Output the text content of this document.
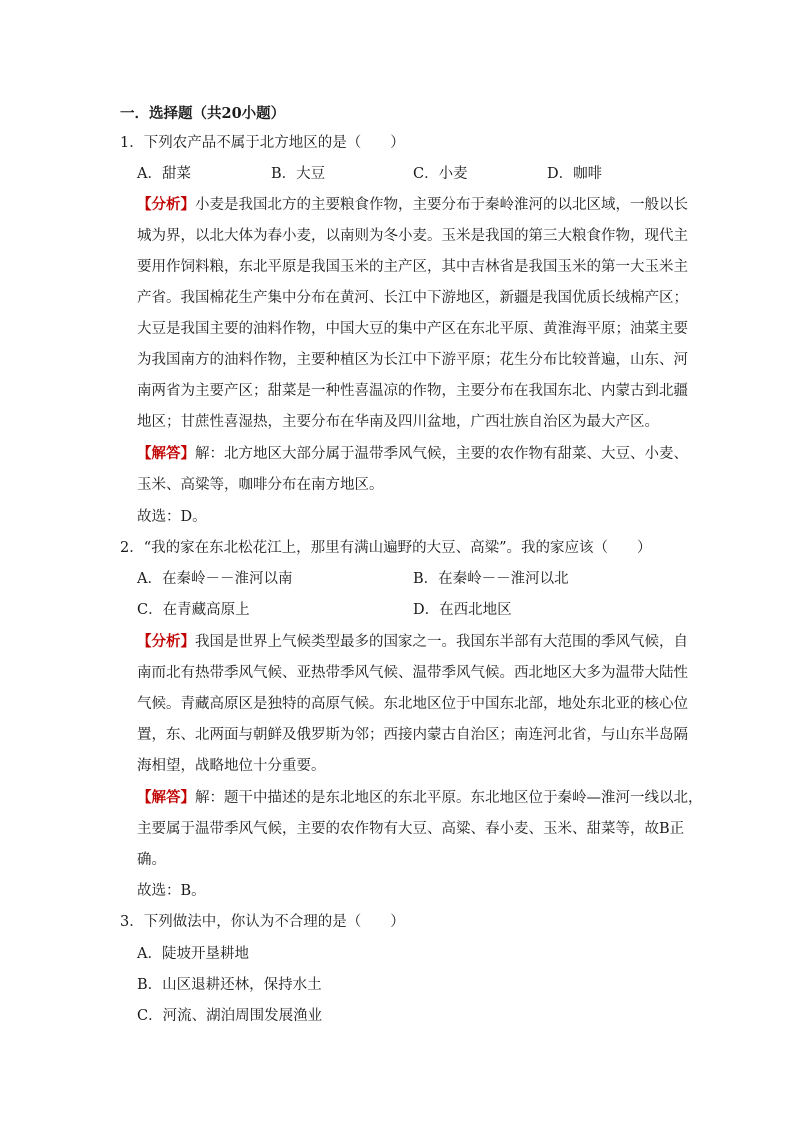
一．选择题（共20小题）
1．下列农产品不属于北方地区的是（　　）
A．甜菜	B．大豆	C．小麦	D．咖啡
【分析】小麦是我国北方的主要粮食作物，主要分布于秦岭淮河的以北区域，一般以长
城为界，以北大体为春小麦，以南则为冬小麦。玉米是我国的第三大粮食作物，现代主
要用作饲料粮，东北平原是我国玉米的主产区，其中吉林省是我国玉米的第一大玉米主
产省。我国棉花生产集中分布在黄河、长江中下游地区，新疆是我国优质长绒棉产区；
大豆是我国主要的油料作物，中国大豆的集中产区在东北平原、黄淮海平原；油菜主要
为我国南方的油料作物，主要种植区为长江中下游平原；花生分布比较普遍，山东、河
南两省为主要产区；甜菜是一种性喜温凉的作物，主要分布在我国东北、内蒙古到北疆
地区；甘蔗性喜湿热，主要分布在华南及四川盆地，广西壮族自治区为最大产区。
【解答】解：北方地区大部分属于温带季风气候，主要的农作物有甜菜、大豆、小麦、
玉米、高粱等，咖啡分布在南方地区。
故选：D。
2．“我的家在东北松花江上，那里有满山遍野的大豆、高粱”。我的家应该（　　）
A．在秦岭－－淮河以南	B．在秦岭－－淮河以北
C．在青藏高原上	D．在西北地区
【分析】我国是世界上气候类型最多的国家之一。我国东半部有大范围的季风气候，自
南而北有热带季风气候、亚热带季风气候、温带季风气候。西北地区大多为温带大陆性
气候。青藏高原区是独特的高原气候。东北地区位于中国东北部，地处东北亚的核心位
置，东、北两面与朝鲜及俄罗斯为邻；西接内蒙古自治区；南连河北省，与山东半岛隔
海相望，战略地位十分重要。
【解答】解：题干中描述的是东北地区的东北平原。东北地区位于秦岭—淮河一线以北，
主要属于温带季风气候，主要的农作物有大豆、高粱、春小麦、玉米、甜菜等，故B正
确。
故选：B。
3．下列做法中，你认为不合理的是（　　）
A．陡坡开垦耕地
B．山区退耕还林，保持水土
C．河流、湖泊周围发展渔业
